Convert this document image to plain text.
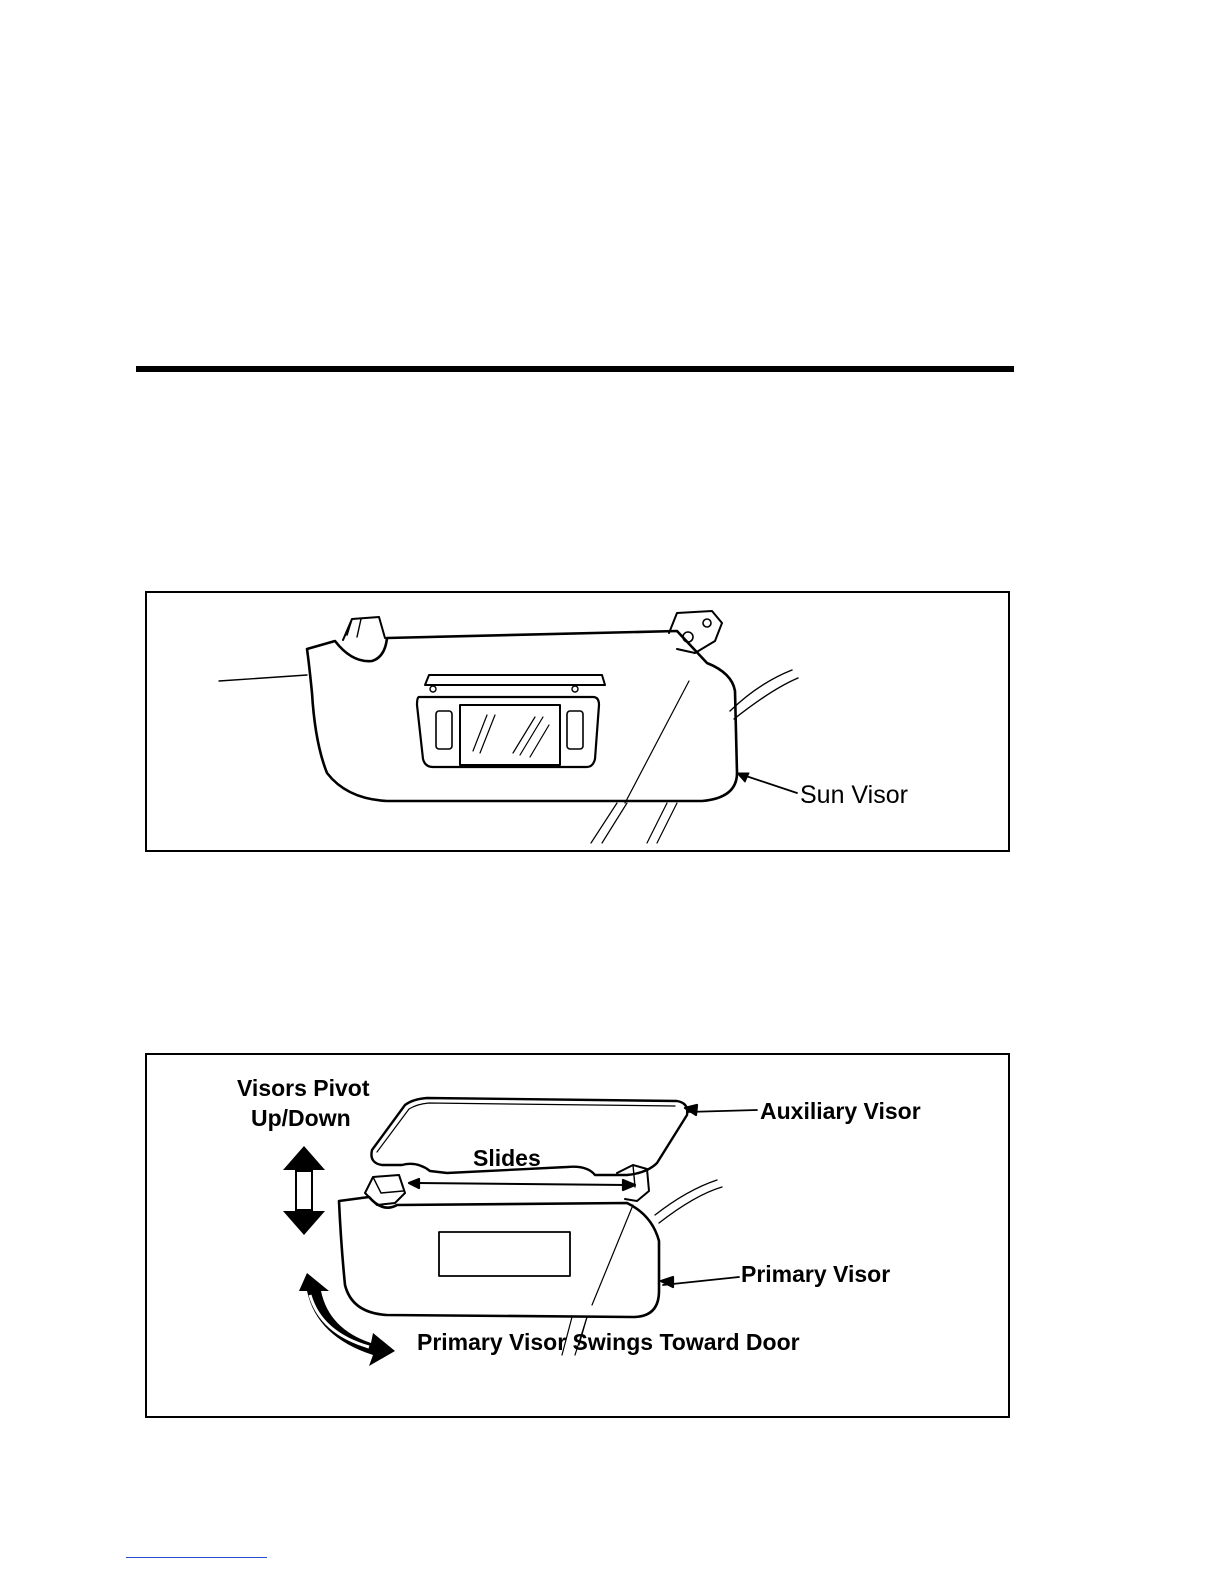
Sun Visor
Visors Pivot
Up/Down	Auxiliary Visor
Slides
Primary Visor
Primary Visor Swings Toward Door
